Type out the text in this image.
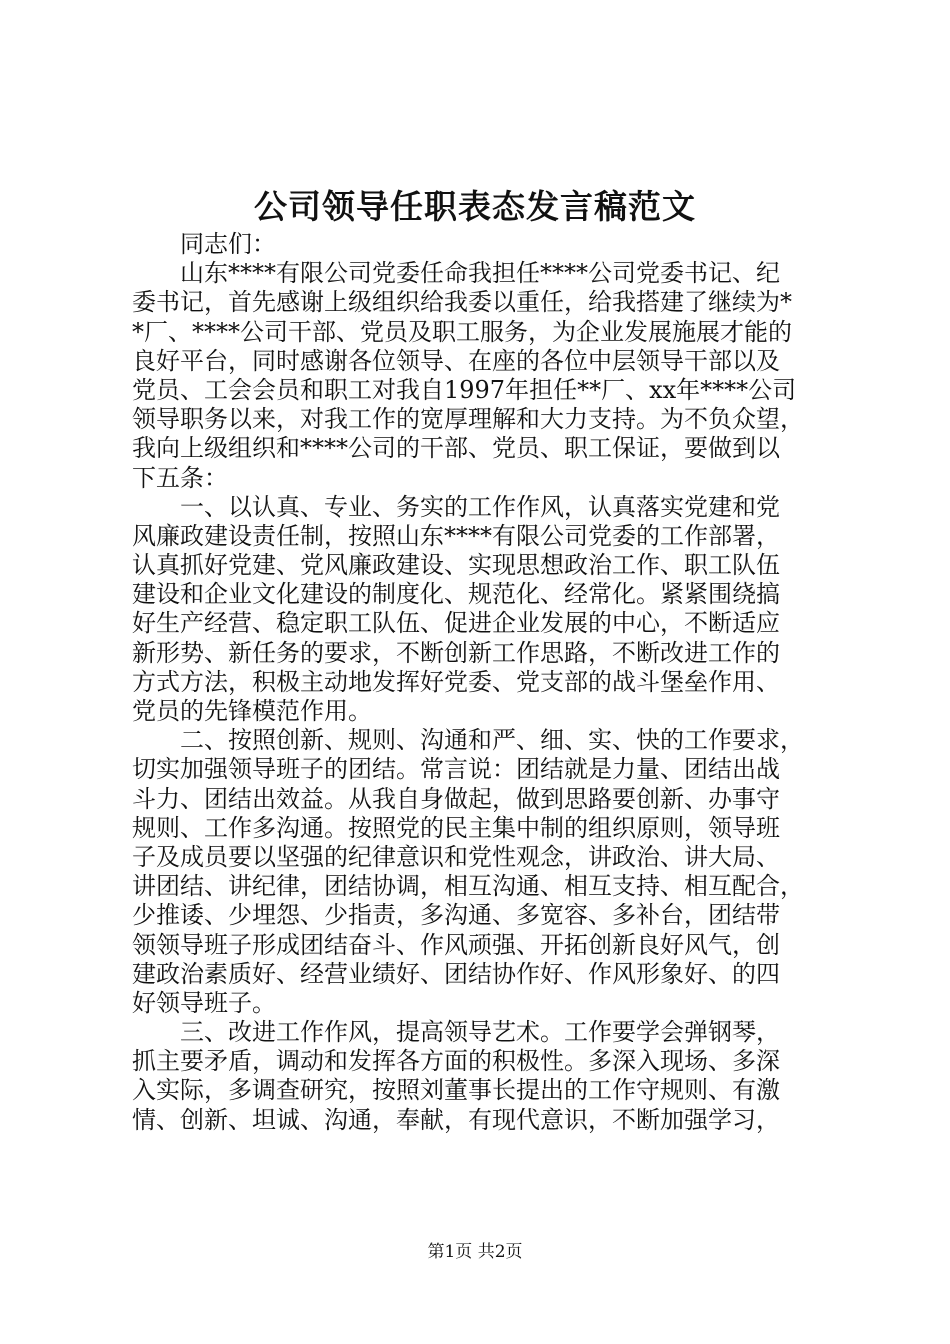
公司领导任职表态发言稿范文
同志们：
山东****有限公司党委任命我担任****公司党委书记、纪
委书记，首先感谢上级组织给我委以重任，给我搭建了继续为*
*厂、****公司干部、党员及职工服务，为企业发展施展才能的
良好平台，同时感谢各位领导、在座的各位中层领导干部以及
党员、工会会员和职工对我自1997年担任**厂、xx年****公司
领导职务以来，对我工作的宽厚理解和大力支持。为不负众望，
我向上级组织和****公司的干部、党员、职工保证，要做到以
下五条：
一、以认真、专业、务实的工作作风，认真落实党建和党
风廉政建设责任制，按照山东****有限公司党委的工作部署，
认真抓好党建、党风廉政建设、实现思想政治工作、职工队伍
建设和企业文化建设的制度化、规范化、经常化。紧紧围绕搞
好生产经营、稳定职工队伍、促进企业发展的中心，不断适应
新形势、新任务的要求，不断创新工作思路，不断改进工作的
方式方法，积极主动地发挥好党委、党支部的战斗堡垒作用、
党员的先锋模范作用。
二、按照创新、规则、沟通和严、细、实、快的工作要求，
切实加强领导班子的团结。常言说：团结就是力量、团结出战
斗力、团结出效益。从我自身做起，做到思路要创新、办事守
规则、工作多沟通。按照党的民主集中制的组织原则，领导班
子及成员要以坚强的纪律意识和党性观念，讲政治、讲大局、
讲团结、讲纪律，团结协调，相互沟通、相互支持、相互配合，
少推诿、少埋怨、少指责，多沟通、多宽容、多补台，团结带
领领导班子形成团结奋斗、作风顽强、开拓创新良好风气，创
建政治素质好、经营业绩好、团结协作好、作风形象好、的四
好领导班子。
三、改进工作作风，提高领导艺术。工作要学会弹钢琴，
抓主要矛盾，调动和发挥各方面的积极性。多深入现场、多深
入实际，多调查研究，按照刘董事长提出的工作守规则、有激
情、创新、坦诚、沟通，奉献，有现代意识，不断加强学习，
第1页 共2页
